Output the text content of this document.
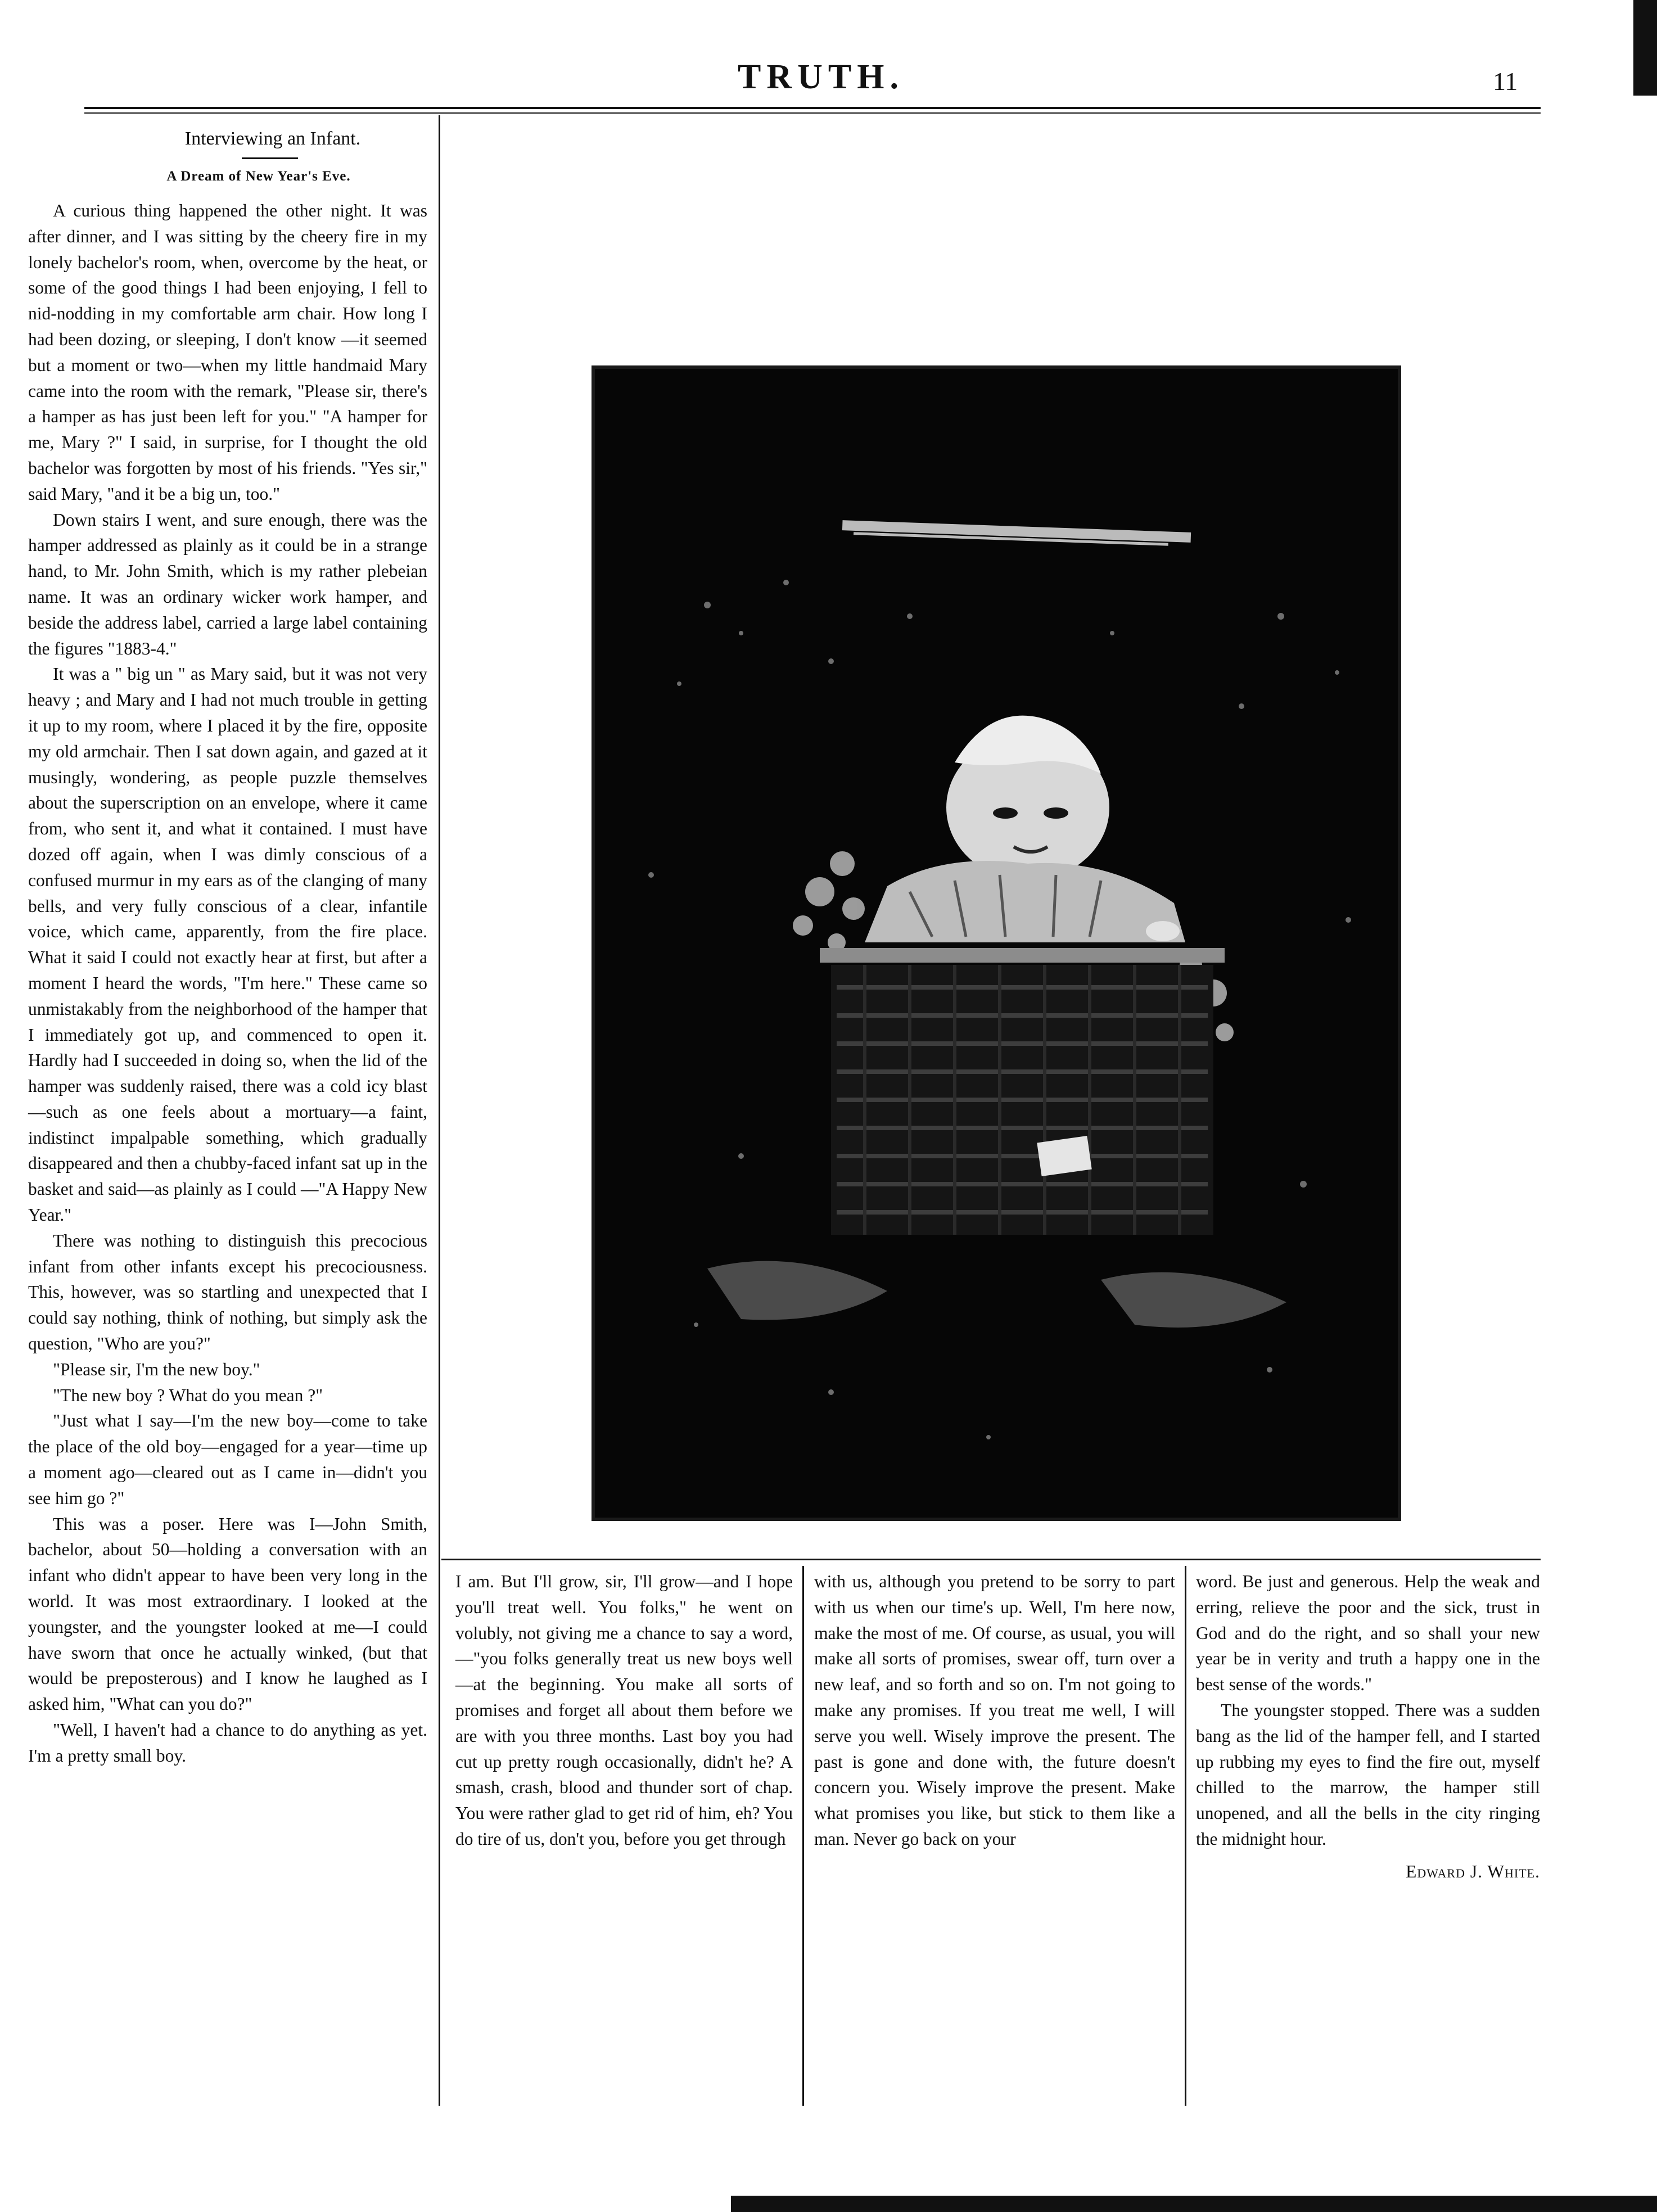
TRUTH.	11
Interviewing an Infant.
A Dream of New Year's Eve.

A curious thing happened the other night. It was after dinner, and I was sitting by the cheery fire in my lonely bachelor's room, when, overcome by the heat, or some of the good things I had been enjoying, I fell to nid-nodding in my comfortable arm chair. How long I had been dozing, or sleeping, I don't know —it seemed but a moment or two—when my little handmaid Mary came into the room with the remark, "Please sir, there's a hamper as has just been left for you." "A hamper for me, Mary ?" I said, in surprise, for I thought the old bachelor was forgotten by most of his friends. "Yes sir," said Mary, "and it be a big un, too."

Down stairs I went, and sure enough, there was the hamper addressed as plainly as it could be in a strange hand, to Mr. John Smith, which is my rather plebeian name. It was an ordinary wicker work hamper, and beside the address label, carried a large label containing the figures "1883-4."

It was a " big un " as Mary said, but it was not very heavy ; and Mary and I had not much trouble in getting it up to my room, where I placed it by the fire, opposite my old armchair. Then I sat down again, and gazed at it musingly, wondering, as people puzzle themselves about the superscription on an envelope, where it came from, who sent it, and what it contained. I must have dozed off again, when I was dimly conscious of a confused murmur in my ears as of the clanging of many bells, and very fully conscious of a clear, infantile voice, which came, apparently, from the fire place. What it said I could not exactly hear at first, but after a moment I heard the words, "I'm here." These came so unmistakably from the neighborhood of the hamper that I immediately got up, and commenced to open it. Hardly had I succeeded in doing so, when the lid of the hamper was suddenly raised, there was a cold icy blast—such as one feels about a mortuary—a faint, indistinct impalpable something, which gradually disappeared and then a chubby-faced infant sat up in the basket and said—as plainly as I could —"A Happy New Year."

There was nothing to distinguish this precocious infant from other infants except his precociousness. This, however, was so startling and unexpected that I could say nothing, think of nothing, but simply ask the question, "Who are you?"

"Please sir, I'm the new boy."

"The new boy ? What do you mean ?"

"Just what I say—I'm the new boy—come to take the place of the old boy—engaged for a year—time up a moment ago—cleared out as I came in—didn't you see him go ?"

This was a poser. Here was I—John Smith, bachelor, about 50—holding a conversation with an infant who didn't appear to have been very long in the world. It was most extraordinary. I looked at the youngster, and the youngster looked at me—I could have sworn that once he actually winked, (but that would be preposterous) and I know he laughed as I asked him, "What can you do?"

"Well, I haven't had a chance to do anything as yet. I'm a pretty small boy.

I am. But I'll grow, sir, I'll grow—and I hope you'll treat well. You folks," he went on volubly, not giving me a chance to say a word,—"you folks generally treat us new boys well—at the beginning. You make all sorts of promises and forget all about them before we are with you three months. Last boy you had cut up pretty rough occasionally, didn't he? A smash, crash, blood and thunder sort of chap. You were rather glad to get rid of him, eh? You do tire of us, don't you, before you get through

with us, although you pretend to be sorry to part with us when our time's up. Well, I'm here now, make the most of me. Of course, as usual, you will make all sorts of promises, swear off, turn over a new leaf, and so forth and so on. I'm not going to make any promises. If you treat me well, I will serve you well. Wisely improve the present. The past is gone and done with, the future doesn't concern you. Wisely improve the present. Make what promises you like, but stick to them like a man. Never go back on your

word. Be just and generous. Help the weak and erring, relieve the poor and the sick, trust in God and do the right, and so shall your new year be in verity and truth a happy one in the best sense of the words."

The youngster stopped. There was a sudden bang as the lid of the hamper fell, and I started up rubbing my eyes to find the fire out, myself chilled to the marrow, the hamper still unopened, and all the bells in the city ringing the midnight hour.

Edward J. White.
